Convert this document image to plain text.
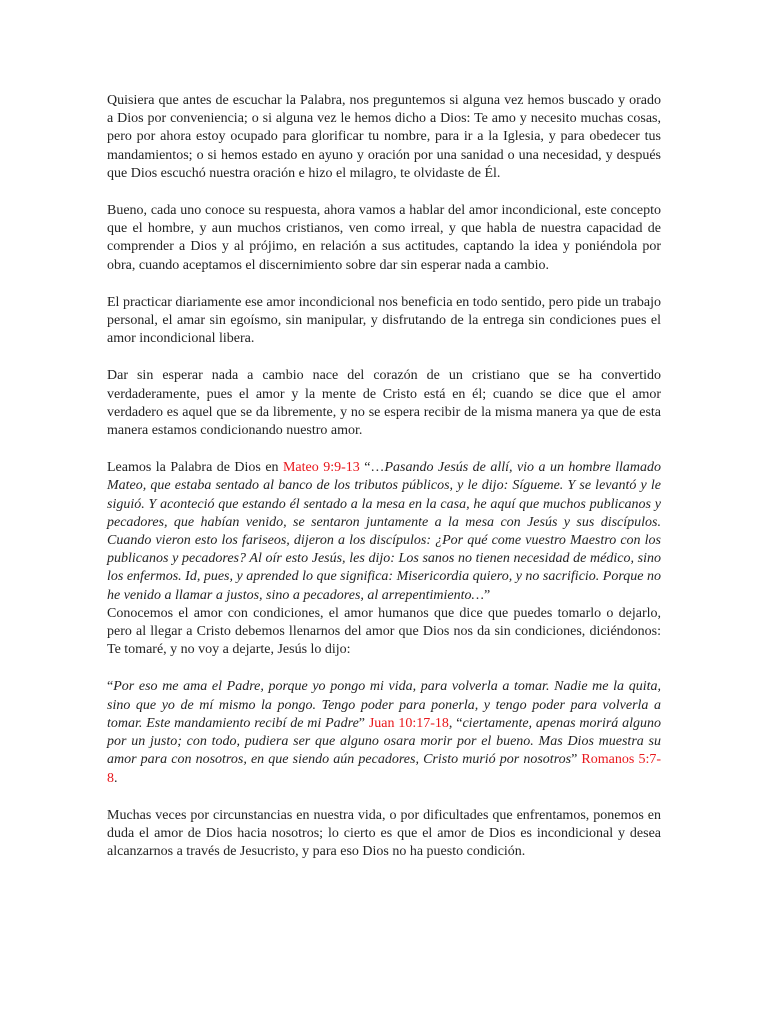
Quisiera que antes de escuchar la Palabra, nos preguntemos si alguna vez hemos buscado y orado a Dios por conveniencia; o si alguna vez le hemos dicho a Dios: Te amo y necesito muchas cosas, pero por ahora estoy ocupado para glorificar tu nombre, para ir a la Iglesia, y para obedecer tus mandamientos; o si hemos estado en ayuno y oración por una sanidad o una necesidad, y después que Dios escuchó nuestra oración e hizo el milagro, te olvidaste de Él.

Bueno, cada uno conoce su respuesta, ahora vamos a hablar del amor incondicional, este concepto que el hombre, y aun muchos cristianos, ven como irreal, y que habla de nuestra capacidad de comprender a Dios y al prójimo, en relación a sus actitudes, captando la idea y poniéndola por obra, cuando aceptamos el discernimiento sobre dar sin esperar nada a cambio.

El practicar diariamente ese amor incondicional nos beneficia en todo sentido, pero pide un trabajo personal, el amar sin egoísmo, sin manipular, y disfrutando de la entrega sin condiciones pues el amor incondicional libera.

Dar sin esperar nada a cambio nace del corazón de un cristiano que se ha convertido verdaderamente, pues el amor y la mente de Cristo está en él; cuando se dice que el amor verdadero es aquel que se da libremente, y no se espera recibir de la misma manera ya que de esta manera estamos condicionando nuestro amor.

Leamos la Palabra de Dios en Mateo 9:9-13 “…Pasando Jesús de allí, vio a un hombre llamado Mateo, que estaba sentado al banco de los tributos públicos, y le dijo: Sígueme. Y se levantó y le siguió. Y aconteció que estando él sentado a la mesa en la casa, he aquí que muchos publicanos y pecadores, que habían venido, se sentaron juntamente a la mesa con Jesús y sus discípulos. Cuando vieron esto los fariseos, dijeron a los discípulos: ¿Por qué come vuestro Maestro con los publicanos y pecadores? Al oír esto Jesús, les dijo: Los sanos no tienen necesidad de médico, sino los enfermos. Id, pues, y aprended lo que significa: Misericordia quiero, y no sacrificio. Porque no he venido a llamar a justos, sino a pecadores, al arrepentimiento…”

Conocemos el amor con condiciones, el amor humanos que dice que puedes tomarlo o dejarlo, pero al llegar a Cristo debemos llenarnos del amor que Dios nos da sin condiciones, diciéndonos: Te tomaré, y no voy a dejarte, Jesús lo dijo:

“Por eso me ama el Padre, porque yo pongo mi vida, para volverla a tomar. Nadie me la quita, sino que yo de mí mismo la pongo. Tengo poder para ponerla, y tengo poder para volverla a tomar. Este mandamiento recibí de mi Padre” Juan 10:17-18, “ciertamente, apenas morirá alguno por un justo; con todo, pudiera ser que alguno osara morir por el bueno. Mas Dios muestra su amor para con nosotros, en que siendo aún pecadores, Cristo murió por nosotros” Romanos 5:7-8.

Muchas veces por circunstancias en nuestra vida, o por dificultades que enfrentamos, ponemos en duda el amor de Dios hacia nosotros; lo cierto es que el amor de Dios es incondicional y desea alcanzarnos a través de Jesucristo, y para eso Dios no ha puesto condición.
